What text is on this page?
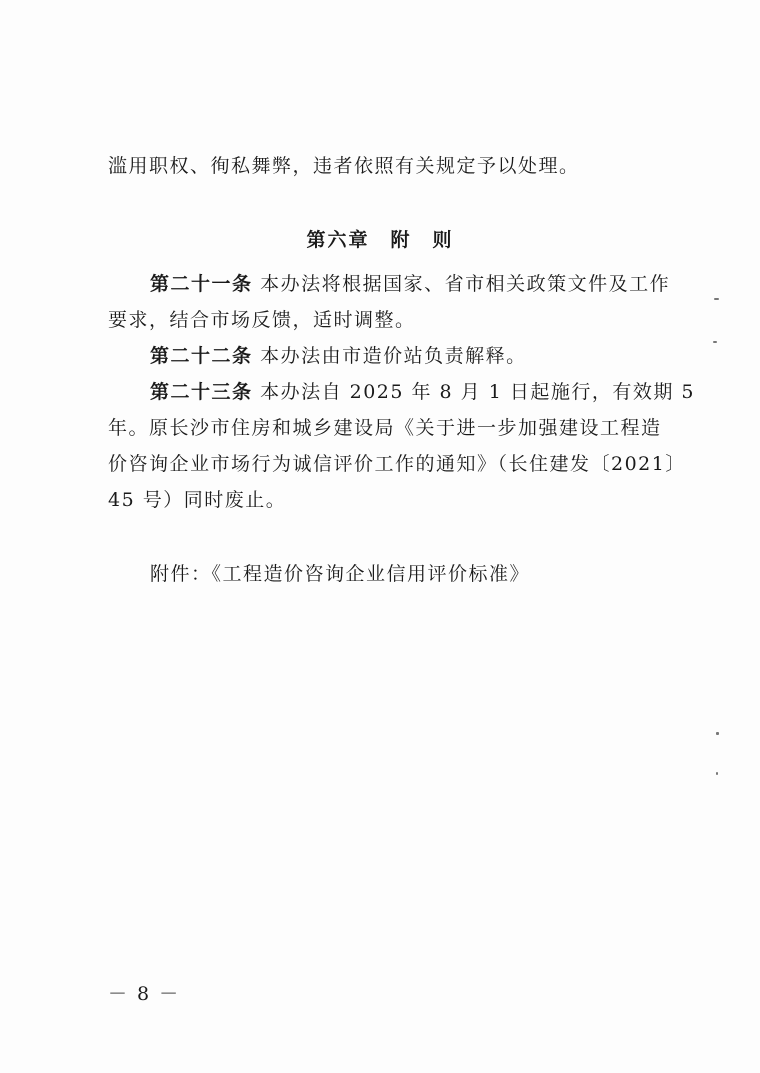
滥用职权、徇私舞弊，违者依照有关规定予以处理。
第六章　附　则
第二十一条 本办法将根据国家、省市相关政策文件及工作
要求，结合市场反馈，适时调整。
第二十二条 本办法由市造价站负责解释。
第二十三条 本办法自 2025 年 8 月 1 日起施行，有效期 5
年。原长沙市住房和城乡建设局《关于进一步加强建设工程造
价咨询企业市场行为诚信评价工作的通知》（长住建发〔2021〕
45 号）同时废止。
附件：《工程造价咨询企业信用评价标准》
－ 8 －
